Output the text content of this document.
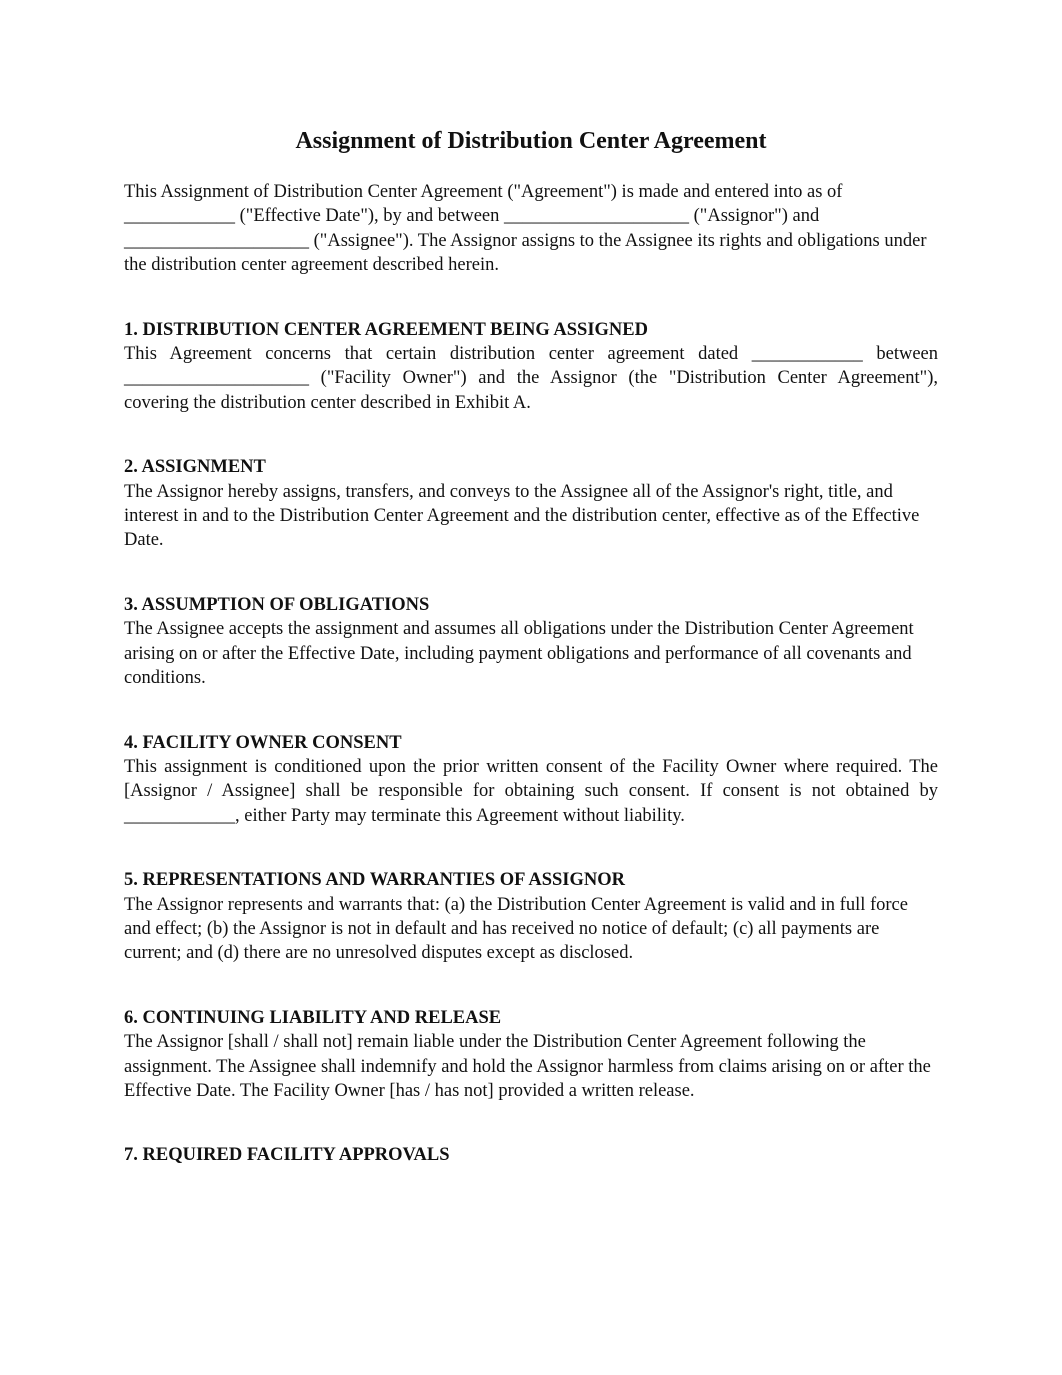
Assignment of Distribution Center Agreement

This Assignment of Distribution Center Agreement ("Agreement") is made and entered into as of ____________ ("Effective Date"), by and between ____________________ ("Assignor") and ____________________ ("Assignee"). The Assignor assigns to the Assignee its rights and obligations under the distribution center agreement described herein.

1. DISTRIBUTION CENTER AGREEMENT BEING ASSIGNED

This Agreement concerns that certain distribution center agreement dated ____________ between ____________________ ("Facility Owner") and the Assignor (the "Distribution Center Agreement"), covering the distribution center described in Exhibit A.

2. ASSIGNMENT

The Assignor hereby assigns, transfers, and conveys to the Assignee all of the Assignor's right, title, and interest in and to the Distribution Center Agreement and the distribution center, effective as of the Effective Date.

3. ASSUMPTION OF OBLIGATIONS

The Assignee accepts the assignment and assumes all obligations under the Distribution Center Agreement arising on or after the Effective Date, including payment obligations and performance of all covenants and conditions.

4. FACILITY OWNER CONSENT

This assignment is conditioned upon the prior written consent of the Facility Owner where required. The [Assignor / Assignee] shall be responsible for obtaining such consent. If consent is not obtained by ____________, either Party may terminate this Agreement without liability.

5. REPRESENTATIONS AND WARRANTIES OF ASSIGNOR

The Assignor represents and warrants that: (a) the Distribution Center Agreement is valid and in full force and effect; (b) the Assignor is not in default and has received no notice of default; (c) all payments are current; and (d) there are no unresolved disputes except as disclosed.

6. CONTINUING LIABILITY AND RELEASE

The Assignor [shall / shall not] remain liable under the Distribution Center Agreement following the assignment. The Assignee shall indemnify and hold the Assignor harmless from claims arising on or after the Effective Date. The Facility Owner [has / has not] provided a written release.

7. REQUIRED FACILITY APPROVALS
